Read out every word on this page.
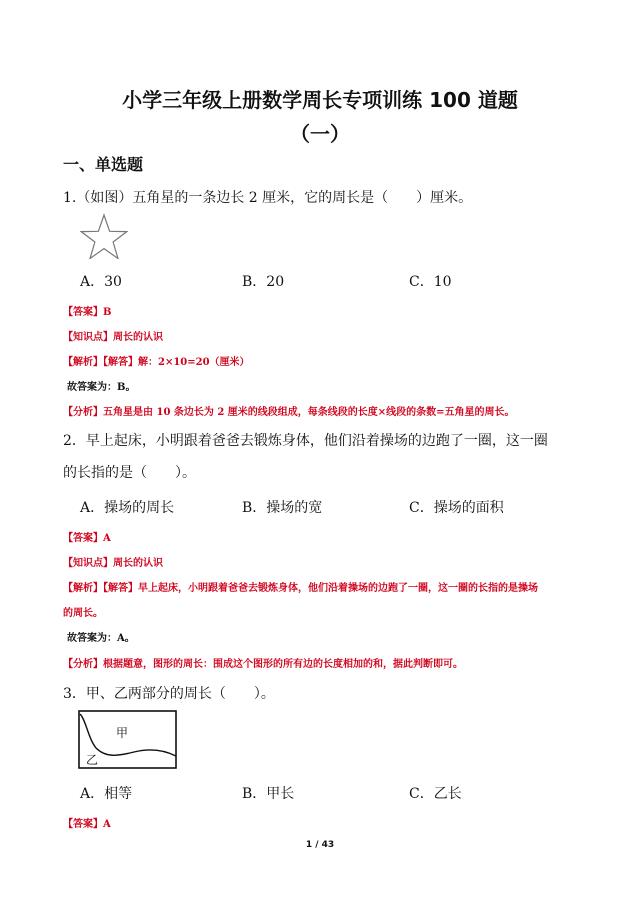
小学三年级上册数学周长专项训练 100 道题
（一）
一、单选题
1.（如图）五角星的一条边长 2 厘米，它的周长是（　　）厘米。
A．30	B．20	C．10
【答案】B
【知识点】周长的认识
【解析】【解答】解：2×10=20（厘米）
故答案为：B。
【分析】五角星是由 10 条边长为 2 厘米的线段组成，每条线段的长度×线段的条数=五角星的周长。
2．早上起床，小明跟着爸爸去锻炼身体，他们沿着操场的边跑了一圈，这一圈
的长指的是（　　）。
A．操场的周长	B．操场的宽	C．操场的面积
【答案】A
【知识点】周长的认识
【解析】【解答】早上起床，小明跟着爸爸去锻炼身体，他们沿着操场的边跑了一圈，这一圈的长指的是操场
的周长。
故答案为：A。
【分析】根据题意，图形的周长：围成这个图形的所有边的长度相加的和，据此判断即可。
3．甲、乙两部分的周长（　　）。
甲
乙
A．相等	B．甲长	C．乙长
【答案】A
1 / 43
